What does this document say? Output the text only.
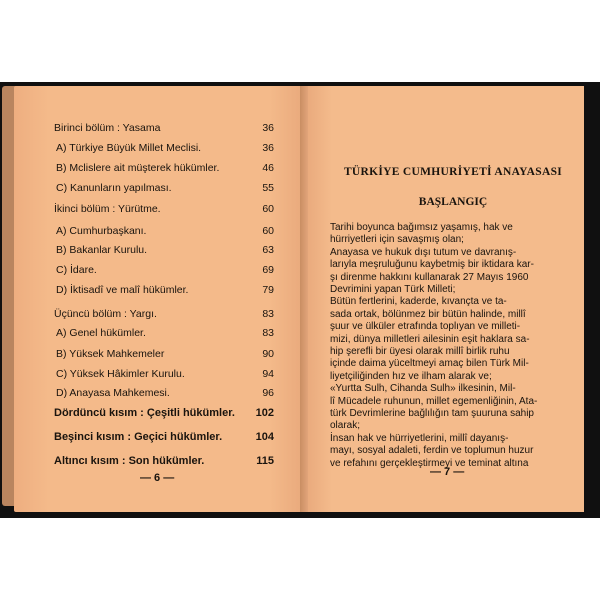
Birinci bölüm : Yasama	36
A) Türkiye Büyük Millet Meclisi.	36
B) Mclislere ait müşterek hükümler.	46
C) Kanunların yapılması.	55
İkinci bölüm : Yürütme.	60
A) Cumhurbaşkanı.	60
B) Bakanlar Kurulu.	63
C) İdare.	69
D) İktisadî ve malî hükümler.	79
Üçüncü bölüm : Yargı.	83
A) Genel hükümler.	83
B) Yüksek Mahkemeler	90
C) Yüksek Hâkimler Kurulu.	94
D) Anayasa Mahkemesi.	96
Dördüncü kısım : Çeşitli hükümler. 102
Beşinci kısım : Geçici hükümler.	104
Altıncı kısım : Son hükümler.	115
— 6 —
TÜRKİYE CUMHURİYETİ ANAYASASI
BAŞLANGIÇ
Tarihi boyunca bağımsız yaşamış, hak ve
hürriyetleri için savaşmış olan;
Anayasa ve hukuk dışı tutum ve davranış-
larıyla meşruluğunu kaybetmiş bir iktidara kar-
şı direnme hakkını kullanarak 27 Mayıs 1960
Devrimini yapan Türk Milleti;
Bütün fertlerini, kaderde, kıvançta ve ta-
sada ortak, bölünmez bir bütün halinde, millî
şuur ve ülküler etrafında toplıyan ve milleti-
mizi, dünya milletleri ailesinin eşit haklara sa-
hip şerefli bir üyesi olarak millî birlik ruhu
içinde daima yüceltmeyi amaç bilen Türk Mil-
liyetçiliğinden hız ve ilham alarak ve;
«Yurtta Sulh, Cihanda Sulh» ilkesinin, Mil-
lî Mücadele ruhunun, millet egemenliğinin, Ata-
türk Devrimlerine bağlılığın tam şuuruna sahip
olarak;
İnsan hak ve hürriyetlerini, millî dayanış-
mayı, sosyal adaleti, ferdin ve toplumun huzur
ve refahını gerçekleştirmeyi ve teminat altına
— 7 —
